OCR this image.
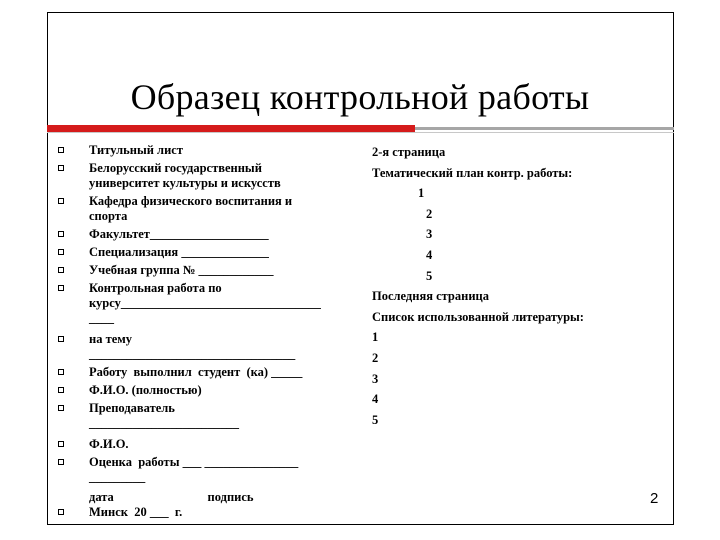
Образец контрольной работы
Титульный лист
Белорусский государственный
университет культуры и искусств
Кафедра физического воспитания и
спорта
Факультет___________________
Специализация ______________
Учебная группа № ____________
Контрольная работа по
курсу________________________________
____
на тему
_________________________________
Работу  выполнил  студент  (ка) _____
Ф.И.О. (полностью)
Преподаватель
________________________
Ф.И.О.
Оценка  работы ___ _______________
_________
дата                              подпись
Минск  20 ___  г.
2-я страница
Тематический план контр. работы:
1
2
3
4
5
Последняя страница
Список использованной литературы:
1
2
3
4
5
2
